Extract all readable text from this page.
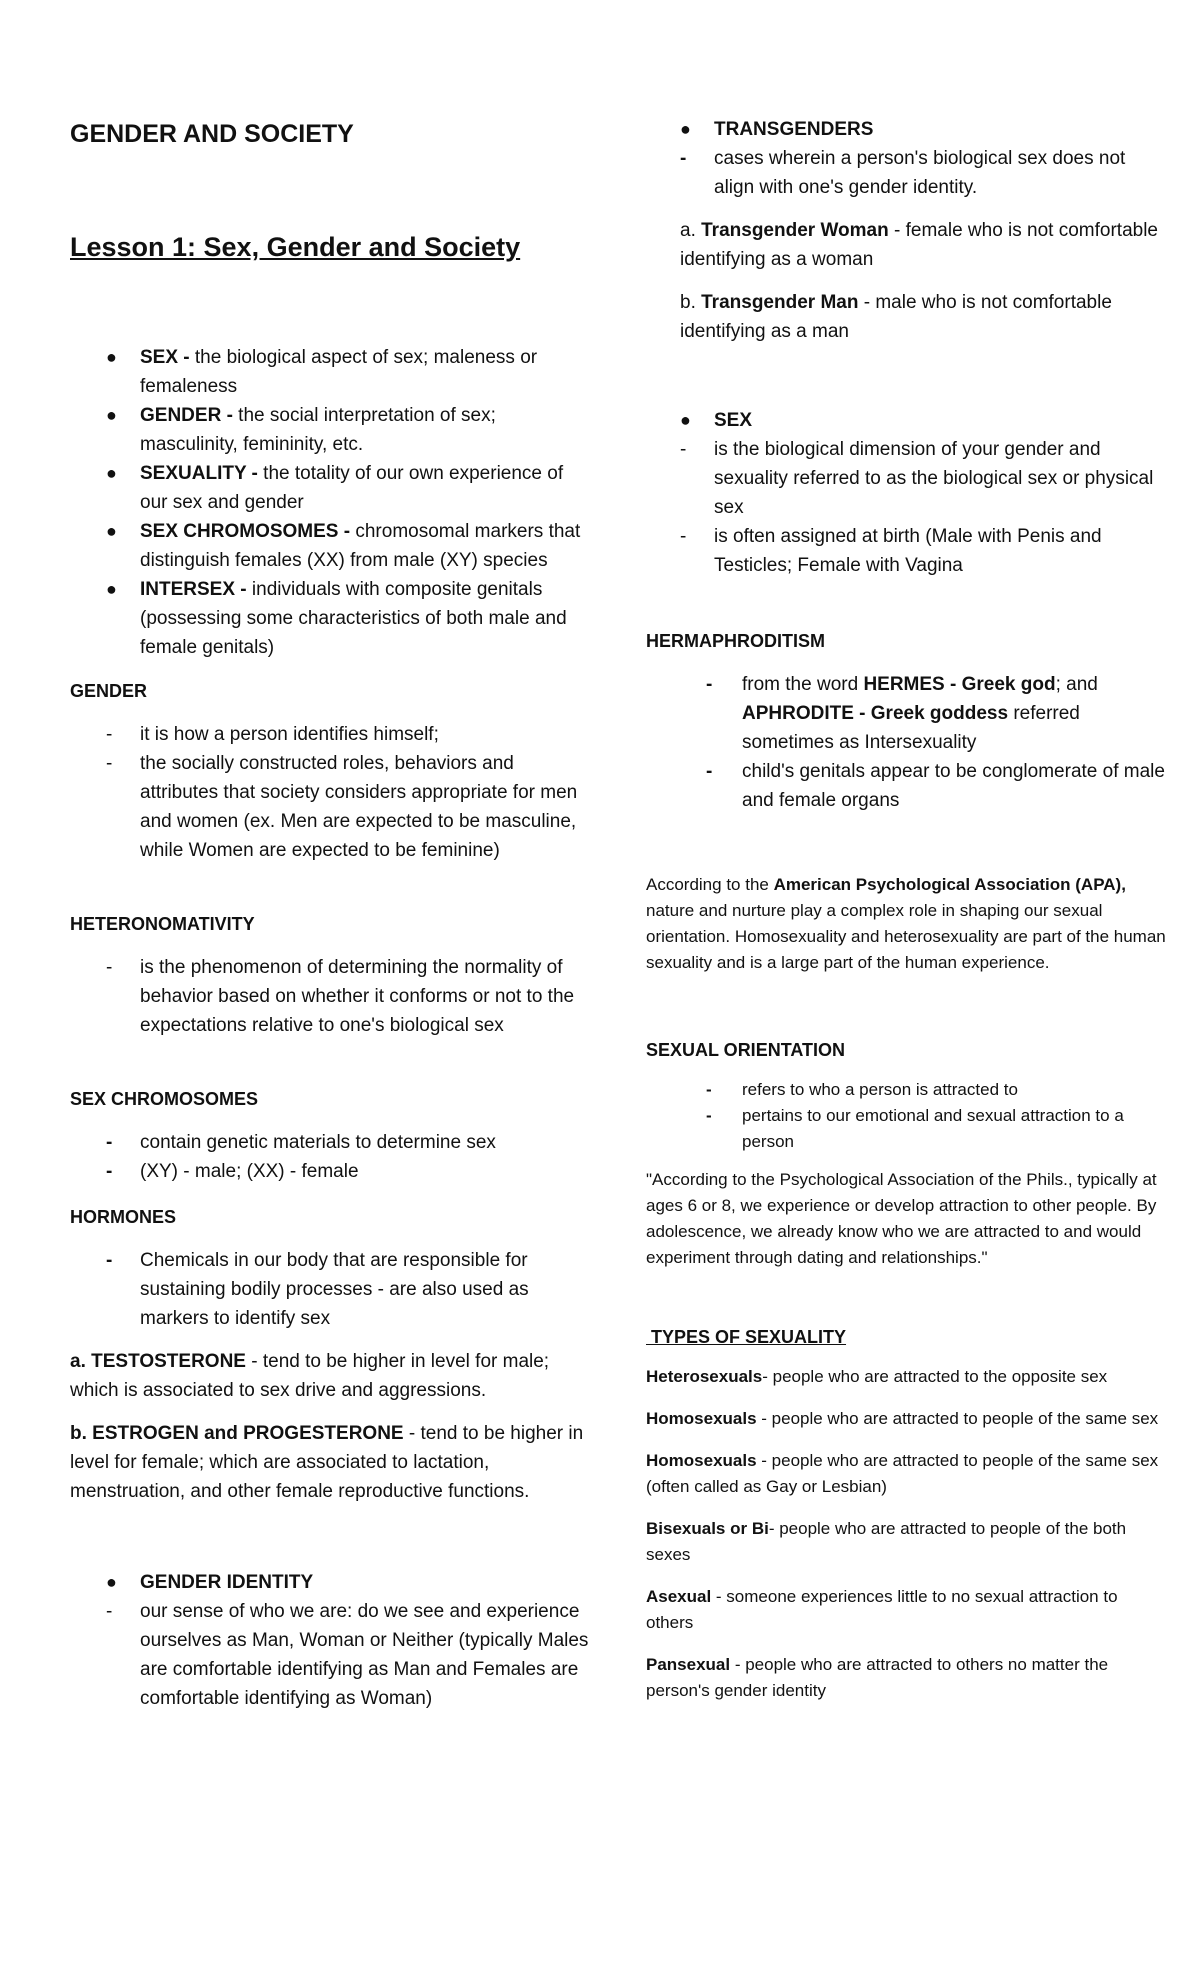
GENDER AND SOCIETY
Lesson 1: Sex, Gender and Society
● SEX - the biological aspect of sex; maleness or femaleness
● GENDER - the social interpretation of sex; masculinity, femininity, etc.
● SEXUALITY - the totality of our own experience of our sex and gender
● SEX CHROMOSOMES - chromosomal markers that distinguish females (XX) from male (XY) species
● INTERSEX - individuals with composite genitals (possessing some characteristics of both male and female genitals)
GENDER
- it is how a person identifies himself;
- the socially constructed roles, behaviors and attributes that society considers appropriate for men and women (ex. Men are expected to be masculine, while Women are expected to be feminine)
HETERONOMATIVITY
- is the phenomenon of determining the normality of behavior based on whether it conforms or not to the expectations relative to one's biological sex
SEX CHROMOSOMES
- contain genetic materials to determine sex
- (XY) - male; (XX) - female
HORMONES
- Chemicals in our body that are responsible for sustaining bodily processes - are also used as markers to identify sex
a. TESTOSTERONE - tend to be higher in level for male; which is associated to sex drive and aggressions.
b. ESTROGEN and PROGESTERONE - tend to be higher in level for female; which are associated to lactation, menstruation, and other female reproductive functions.
● GENDER IDENTITY
- our sense of who we are: do we see and experience ourselves as Man, Woman or Neither (typically Males are comfortable identifying as Man and Females are comfortable identifying as Woman)
● TRANSGENDERS
- cases wherein a person's biological sex does not align with one's gender identity.
a. Transgender Woman - female who is not comfortable identifying as a woman
b. Transgender Man - male who is not comfortable identifying as a man
● SEX
- is the biological dimension of your gender and sexuality referred to as the biological sex or physical sex
- is often assigned at birth (Male with Penis and Testicles; Female with Vagina
HERMAPHRODITISM
- from the word HERMES - Greek god; and APHRODITE - Greek goddess referred sometimes as Intersexuality
- child's genitals appear to be conglomerate of male and female organs
According to the American Psychological Association (APA), nature and nurture play a complex role in shaping our sexual orientation. Homosexuality and heterosexuality are part of the human sexuality and is a large part of the human experience.
SEXUAL ORIENTATION
- refers to who a person is attracted to
- pertains to our emotional and sexual attraction to a person
"According to the Psychological Association of the Phils., typically at ages 6 or 8, we experience or develop attraction to other people. By adolescence, we already know who we are attracted to and would experiment through dating and relationships."
TYPES OF SEXUALITY
Heterosexuals- people who are attracted to the opposite sex
Homosexuals - people who are attracted to people of the same sex
Homosexuals - people who are attracted to people of the same sex (often called as Gay or Lesbian)
Bisexuals or Bi- people who are attracted to people of the both sexes
Asexual - someone experiences little to no sexual attraction to others
Pansexual - people who are attracted to others no matter the person's gender identity
